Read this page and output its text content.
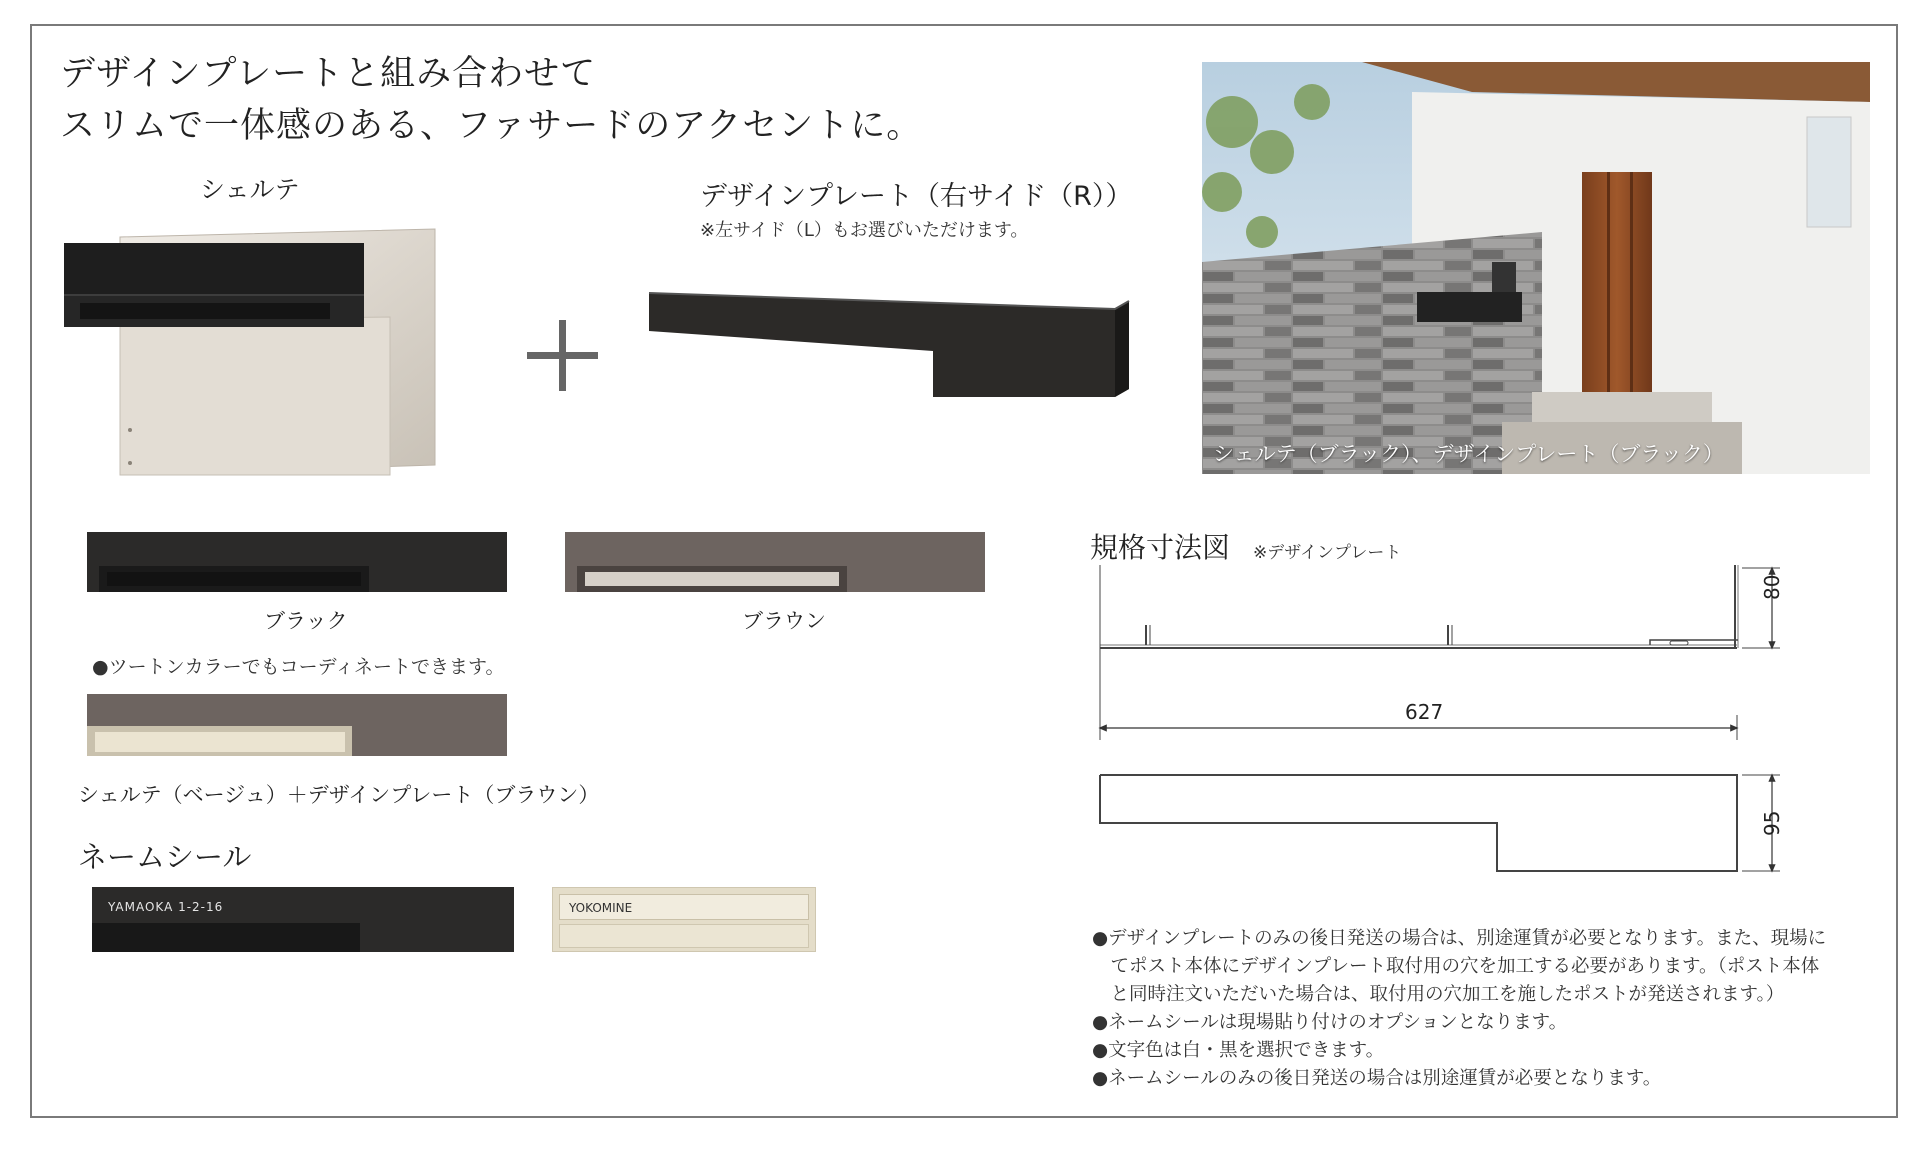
デザインプレートと組み合わせて
スリムで一体感のある、ファサードのアクセントに。
シェルテ	デザインプレート（右サイド（R））
※左サイド（L）もお選びいただけます。
シェルテ（ブラック）、デザインプレート（ブラック）
ブラック	ブラウン
●ツートンカラーでもコーディネートできます。
シェルテ（ベージュ）＋デザインプレート（ブラウン）
ネームシール
YAMAOKA 1-2-16	YOKOMINE
規格寸法図 ※デザインプレート
80
627
95
●デザインプレートのみの後日発送の場合は、別途運賃が必要となります。また、現場に
　てポスト本体にデザインプレート取付用の穴を加工する必要があります。（ポスト本体
　と同時注文いただいた場合は、取付用の穴加工を施したポストが発送されます。）
●ネームシールは現場貼り付けのオプションとなります。
●文字色は白・黒を選択できます。
●ネームシールのみの後日発送の場合は別途運賃が必要となります。
